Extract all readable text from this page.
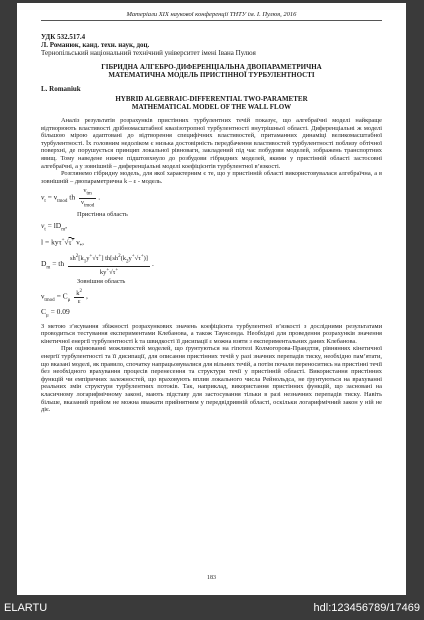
Матеріали XIX наукової конференції ТНТУ ім. І. Пулюя, 2016
УДК 532.517.4
Л. Романюк, канд. техн. наук, доц.
Тернопільський національний технічний університет імені Івана Пулюя
ГІБРИДНА АЛГЕБРО-ДИФЕРЕНЦІАЛЬНА ДВОПАРАМЕТРИЧНА
МАТЕМАТИЧНА МОДЕЛЬ ПРИСТІННОЇ ТУРБУЛЕНТНОСТІ
L. Romaniuk
HYBRID ALGEBRAIC-DIFFERENTIAL TWO-PARAMETER
MATHEMATICAL MODEL OF THE WALL FLOW

Аналіз результатів розрахунків пристінних турбулентних течій показує, що алгебраїчні моделі найкраще відтворюють властивості дрібномасштабної квазізотропної турбулентності внутрішньої області. Диференціальні ж моделі більшою мірою адаптовані до відтворення специфічних властивостей, притаманних динаміці великомасштабної турбулентності. Їх головним недоліком є низька достовірність передбачення властивостей турбулентності поблизу обтічної поверхні, де порушується принцип локальної рівноваги, закладений під час побудови моделей, зображень транспортних явищ. Тому наведене нижче підштовхнуло до розбудови гібридних моделей, якими у пристінній області застосовні алгебраїчні, а у зовнішній – диференціальні моделі коефіцієнтів турбулентної в’язкості.

Розглянемо гібридну модель, для якої характерним є те, що у пристінній області використовувалася алгебраїчна, а в зовнішній – двопараметрична k – ε - модель.

$\nu_t = \nu_{tmod}$ th $\frac{\nu_{tm}}{\nu_{tmod}}$ .
Пристінна область
$\nu_t = lD_m$,
l = kyτ+√τ+ $\nu_*$,
$D_m$ = th $\frac{sh^2[k_1y^+√\tau^+] th[sh^2(k_2y^+√\tau^+)]}{ky^+√\tau^+}$ .
Зовнішня область
$\nu_{tmod} = C_\mu \frac{k^2}{\varepsilon}$ ,
$C_\mu = 0.09$

З метою з’ясування збіжності розрахункових значень коефіцієнта турбулентної в’язкості з дослідними результатами проводиться тестування експериментами Клебанова, а також Таунсенда. Необхідні для проведення розрахунків значення кінетичної енергії турбулентності k та швидкості її дисипації ε можна взяти з експериментальних даних Клебанова.

При оцінюванні можливостей моделей, що ґрунтуються на гіпотезі Колмогорова-Прандтля, рівняннях кінетичної енергії турбулентності та її дисипації, для описання пристінних течій у разі значних перепадів тиску, необхідно пам’ятати, що вказані моделі, як правило, спочатку напрацьовувалися для вільних течій, а потім почали переноситись на пристінні течії без необхідного врахування процесів перенесення та структури течії у пристінній області. Використання пристінних функцій чи емпіричних залежностей, що враховують вплив локального числа Рейнольдса, не ґрунтуються на врахуванні реальних змін структури турбулентних потоків. Так, наприклад, використання пристінних функцій, що засновані на класичному логарифмічному законі, мають підставу для застосування тільки в разі незначних перепадів тиску. Навіть більше, вказаний прийом не можна вважати прийнятним у передвідривній області, оскільки логарифмічний закон у ній не діє.

183
ELARTU	hdl:123456789/17469
